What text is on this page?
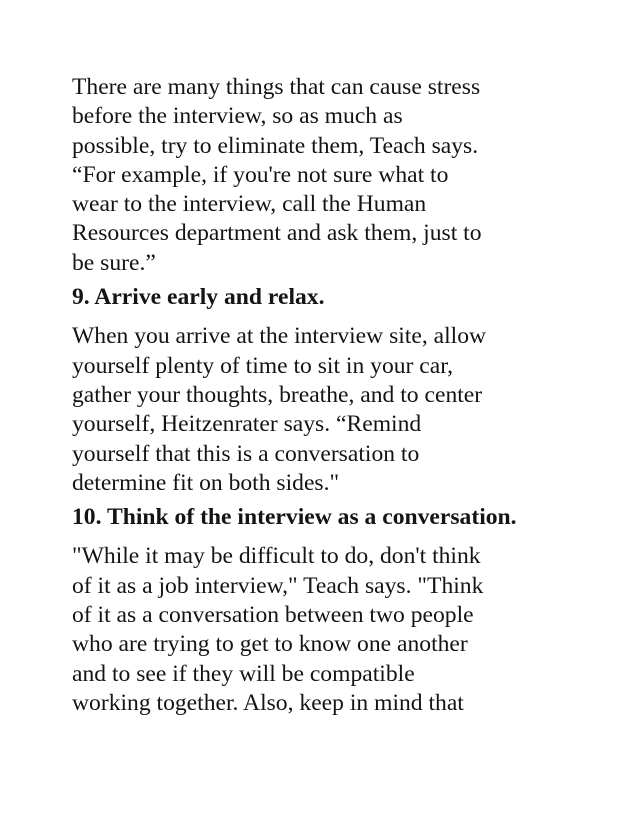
There are many things that can cause stress
before the interview, so as much as
possible, try to eliminate them, Teach says.
“For example, if you're not sure what to
wear to the interview, call the Human
Resources department and ask them, just to
be sure.”

9. Arrive early and relax.

When you arrive at the interview site, allow
yourself plenty of time to sit in your car,
gather your thoughts, breathe, and to center
yourself, Heitzenrater says. “Remind
yourself that this is a conversation to
determine fit on both sides."

10. Think of the interview as a conversation.

"While it may be difficult to do, don't think
of it as a job interview," Teach says. "Think
of it as a conversation between two people
who are trying to get to know one another
and to see if they will be compatible
working together. Also, keep in mind that
